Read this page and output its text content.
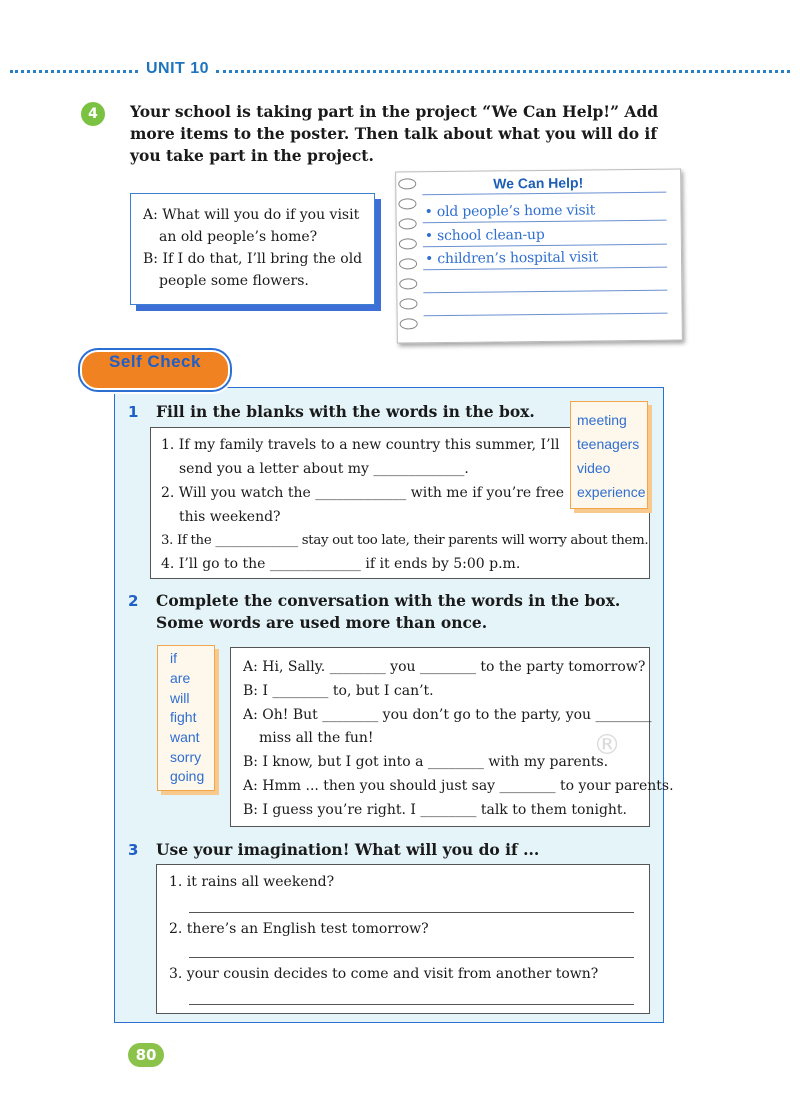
UNIT 10
4	Your school is taking part in the project “We Can Help!” Add more items to the poster. Then talk about what you will do if you take part in the project.
A: What will you do if you visit
an old people’s home?
B: If I do that, I’ll bring the old
people some flowers.
We Can Help!
• old people’s home visit
• school clean-up
• children’s hospital visit
Self Check
1 Fill in the blanks with the words in the box.
1. If my family travels to a new country this summer, I’ll
send you a letter about my _____________.
2. Will you watch the _____________ with me if you’re free
this weekend?
3. If the _____________ stay out too late, their parents will worry about them.
4. I’ll go to the _____________ if it ends by 5:00 p.m.
meeting
teenagers
video
experience
2 Complete the conversation with the words in the box. Some words are used more than once.
A: Hi, Sally. ________ you ________ to the party tomorrow?
B: I ________ to, but I can’t.
A: Oh! But ________ you don’t go to the party, you ________
miss all the fun!
B: I know, but I got into a ________ with my parents.
A: Hmm ... then you should just say ________ to your parents.
B: I guess you’re right. I ________ talk to them tonight.
if
are
will
fight
want
sorry
going
®
3 Use your imagination! What will you do if ...
1. it rains all weekend?
2. there’s an English test tomorrow?
3. your cousin decides to come and visit from another town?
80
